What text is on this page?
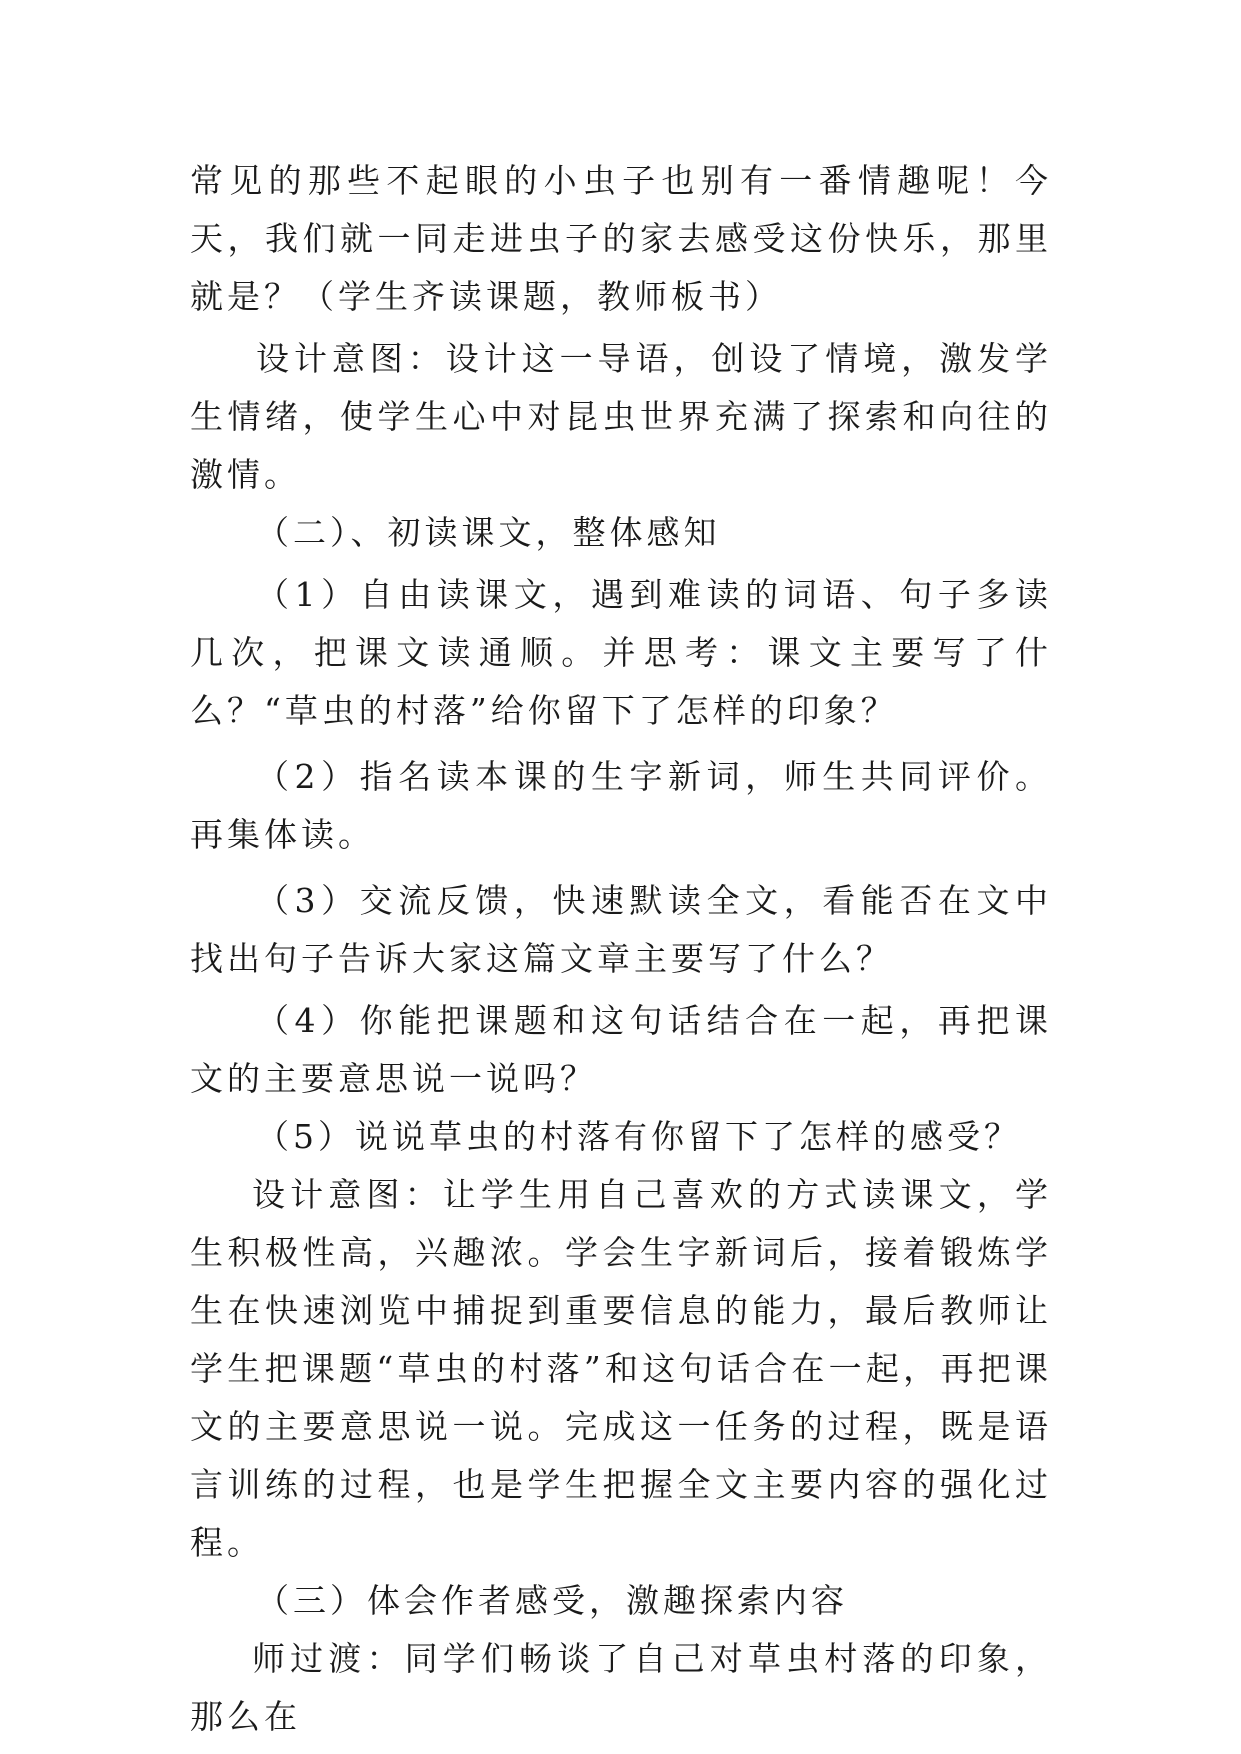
常见的那些不起眼的小虫子也别有一番情趣呢！今天，我们就一同走进虫子的家去感受这份快乐，那里就是？（学生齐读课题，教师板书）

设计意图：设计这一导语，创设了情境，激发学生情绪，使学生心中对昆虫世界充满了探索和向往的激情。

（二）、初读课文，整体感知

（1）自由读课文，遇到难读的词语、句子多读几次，把课文读通顺。并思考：课文主要写了什么？“草虫的村落”给你留下了怎样的印象？

（2）指名读本课的生字新词，师生共同评价。再集体读。

（3）交流反馈，快速默读全文，看能否在文中找出句子告诉大家这篇文章主要写了什么？

（4）你能把课题和这句话结合在一起，再把课文的主要意思说一说吗？

（5）说说草虫的村落有你留下了怎样的感受？

设计意图：让学生用自己喜欢的方式读课文，学生积极性高，兴趣浓。学会生字新词后，接着锻炼学生在快速浏览中捕捉到重要信息的能力，最后教师让学生把课题“草虫的村落”和这句话合在一起，再把课文的主要意思说一说。完成这一任务的过程，既是语言训练的过程，也是学生把握全文主要内容的强化过程。

（三）体会作者感受，激趣探索内容

师过渡：同学们畅谈了自己对草虫村落的印象，那么在
